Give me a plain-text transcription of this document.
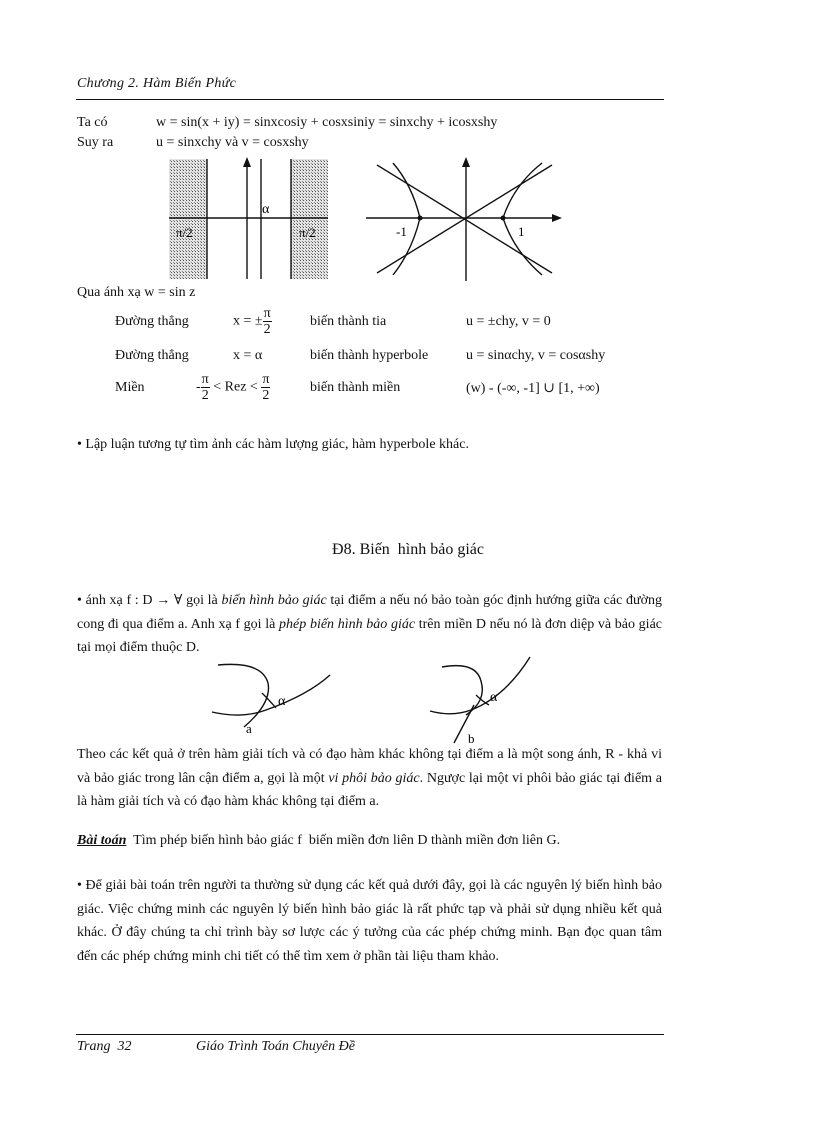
Chương 2. Hàm Biến Phức
Ta có	w = sin(x + iy) = sinxcosiy + cosxsiniy = sinxchy + icosxshy
Suy ra	u = sinxchy và v = cosxshy
α
π/2	π/2	-1	1
Qua ánh xạ w = sin z
Đường thẳng	x = ± $\frac{\pi}{2}$	biến thành tia	u = ±chy, v = 0
Đường thẳng	x = α	biến thành hyperbole	u = sinαchy, v = cosαshy
Miền	- $\frac{\pi}{2}$ < Rez < $\frac{\pi}{2}$	biến thành miền	(w) - (-∞, -1] ∪ [1, +∞)
• Lập luận tương tự tìm ảnh các hàm lượng giác, hàm hyperbole khác.
Đ8. Biến  hình bảo giác
• ánh xạ f : D → ∀ gọi là biến hình bảo giác tại điểm a nếu nó bảo toàn góc định hướng giữa các đường cong đi qua điểm a. Anh xạ f gọi là phép biến hình bảo giác trên miền D nếu nó là đơn diệp và bảo giác tại mọi điểm thuộc D.
α
a
α
b
Theo các kết quả ở trên hàm giải tích và có đạo hàm khác không tại điểm a là một song ánh, R - khả vi và bảo giác trong lân cận điểm a, gọi là một vi phôi bảo giác. Ngược lại một vi phôi bảo giác tại điểm a là hàm giải tích và có đạo hàm khác không tại điểm a.
Bài toán  Tìm phép biến hình bảo giác f  biến miền đơn liên D thành miền đơn liên G.
• Để giải bài toán trên người ta thường sử dụng các kết quả dưới đây, gọi là các nguyên lý biến hình bảo giác. Việc chứng minh các nguyên lý biến hình bảo giác là rất phức tạp và phải sử dụng nhiều kết quả khác. Ở đây chúng ta chỉ trình bày sơ lược các ý tưởng của các phép chứng minh. Bạn đọc quan tâm đến các phép chứng minh chi tiết có thể tìm xem ở phần tài liệu tham khảo.
Trang  32	Giáo Trình Toán Chuyên Đề
